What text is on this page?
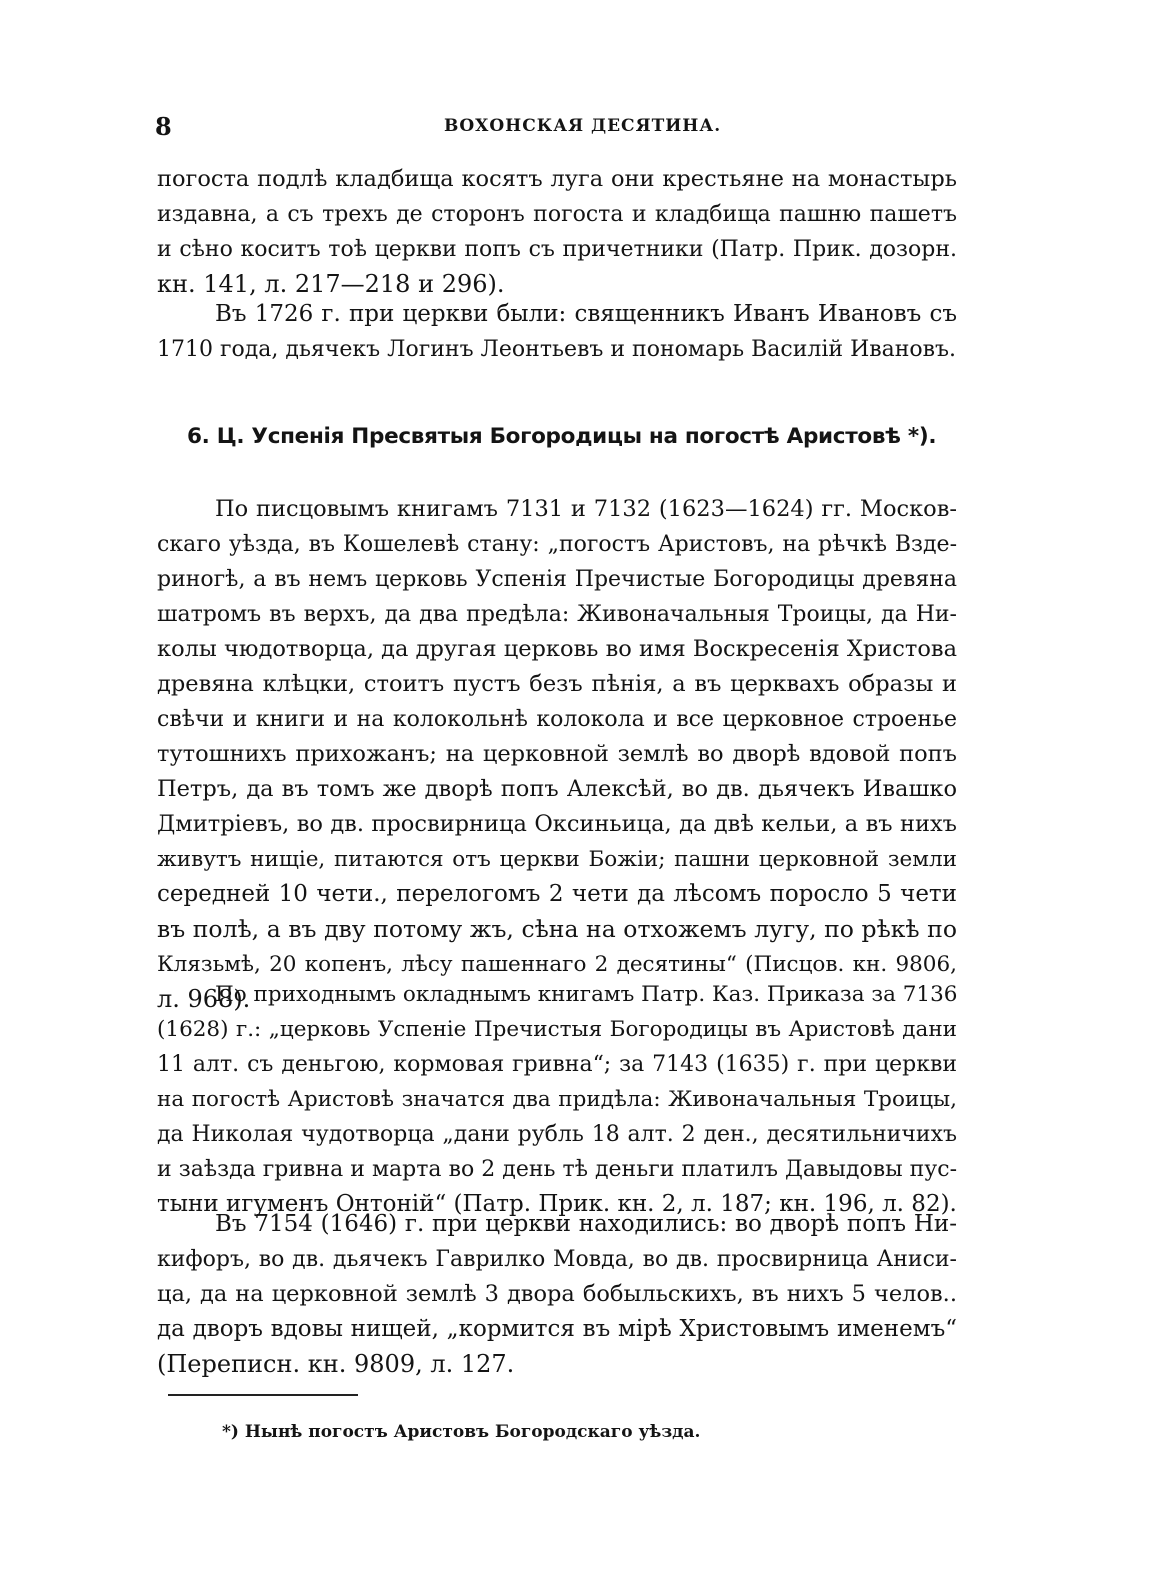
8	ВОХОНСКАЯ ДЕСЯТИНА.
погоста подлѣ кладбища косятъ луга они крестьяне на монастырь
издавна, а съ трехъ де сторонъ погоста и кладбища пашню пашетъ
и сѣно коситъ тоѣ церкви попъ съ причетники (Патр. Прик. дозорн.
кн. 141, л. 217—218 и 296).
Въ 1726 г. при церкви были: священникъ Иванъ Ивановъ съ
1710 года, дьячекъ Логинъ Леонтьевъ и пономарь Василій Ивановъ.
6. Ц. Успенія Пресвятыя Богородицы на погостѣ Аристовѣ *).
По писцовымъ книгамъ 7131 и 7132 (1623—1624) гг. Москов-
скаго уѣзда, въ Кошелевѣ стану: „погостъ Аристовъ, на рѣчкѣ Вздe-
риногѣ, а въ немъ церковь Успенія Пречистые Богородицы древяна
шатромъ въ верхъ, да два предѣла: Живоначальныя Троицы, да Ни-
колы чюдотворца, да другая церковь во имя Воскресенія Христова
древяна клѣцки, стоитъ пустъ безъ пѣнія, а въ церквахъ образы и
свѣчи и книги и на колокольнѣ колокола и все церковное строенье
тутошнихъ прихожанъ; на церковной землѣ во дворѣ вдовой попъ
Петръ, да въ томъ же дворѣ попъ Алексѣй, во дв. дьячекъ Ивашко
Дмитріевъ, во дв. просвирница Оксиньица, да двѣ кельи, а въ нихъ
живутъ нищіе, питаются отъ церкви Божіи; пашни церковной земли
середней 10 чети., перелогомъ 2 чети да лѣсомъ поросло 5 чети
въ полѣ, а въ дву потому жъ, сѣна на отхожемъ лугу, по рѣкѣ по
Клязьмѣ, 20 копенъ, лѣсу пашеннаго 2 десятины“ (Писцов. кн. 9806,
л. 968).
По приходнымъ окладнымъ книгамъ Патр. Каз. Приказа за 7136
(1628) г.: „церковь Успеніе Пречистыя Богородицы въ Аристовѣ дани
11 алт. съ деньгою, кормовая гривна“; за 7143 (1635) г. при церкви
на погостѣ Аристовѣ значатся два придѣла: Живоначальныя Троицы,
да Николая чудотворца „дани рубль 18 алт. 2 ден., десятильничихъ
и заѣзда гривна и марта во 2 день тѣ деньги платилъ Давыдовы пус-
тыни игуменъ Онтоній“ (Патр. Прик. кн. 2, л. 187; кн. 196, л. 82).
Въ 7154 (1646) г. при церкви находились: во дворѣ попъ Ни-
кифоръ, во дв. дьячекъ Гаврилко Мовда, во дв. просвирница Аниси-
ца, да на церковной землѣ 3 двора бобыльскихъ, въ нихъ 5 челов..
да дворъ вдовы нищей, „кормится въ мірѣ Христовымъ именемъ“
(Переписн. кн. 9809, л. 127.
*) Нынѣ погостъ Аристовъ Богородскаго уѣзда.
